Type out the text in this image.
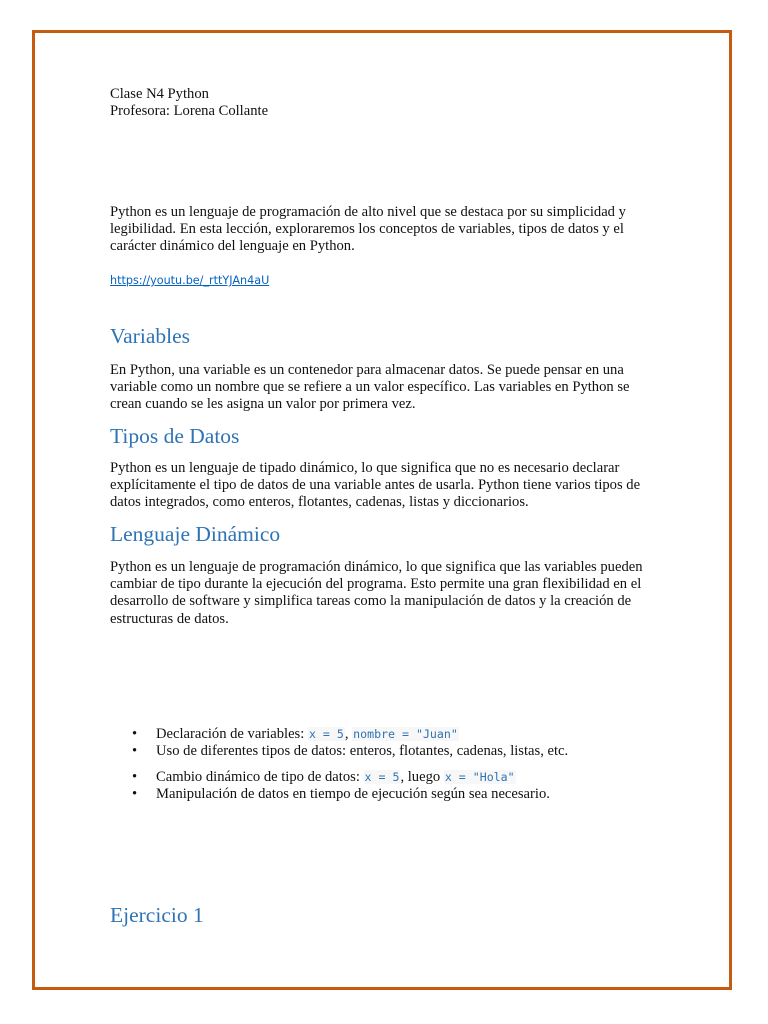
Clase N4 Python

Profesora: Lorena Collante

Python es un lenguaje de programación de alto nivel que se destaca por su simplicidad y legibilidad. En esta lección, exploraremos los conceptos de variables, tipos de datos y el carácter dinámico del lenguaje en Python.

https://youtu.be/_rttYJAn4aU
Variables

En Python, una variable es un contenedor para almacenar datos. Se puede pensar en una variable como un nombre que se refiere a un valor específico. Las variables en Python se crean cuando se les asigna un valor por primera vez.

Tipos de Datos

Python es un lenguaje de tipado dinámico, lo que significa que no es necesario declarar explícitamente el tipo de datos de una variable antes de usarla. Python tiene varios tipos de datos integrados, como enteros, flotantes, cadenas, listas y diccionarios.

Lenguaje Dinámico

Python es un lenguaje de programación dinámico, lo que significa que las variables pueden cambiar de tipo durante la ejecución del programa. Esto permite una gran flexibilidad en el desarrollo de software y simplifica tareas como la manipulación de datos y la creación de estructuras de datos.

• Declaración de variables: x = 5, nombre = "Juan"
• Uso de diferentes tipos de datos: enteros, flotantes, cadenas, listas, etc.
• Cambio dinámico de tipo de datos: x = 5, luego x = "Hola"
• Manipulación de datos en tiempo de ejecución según sea necesario.
Ejercicio 1
